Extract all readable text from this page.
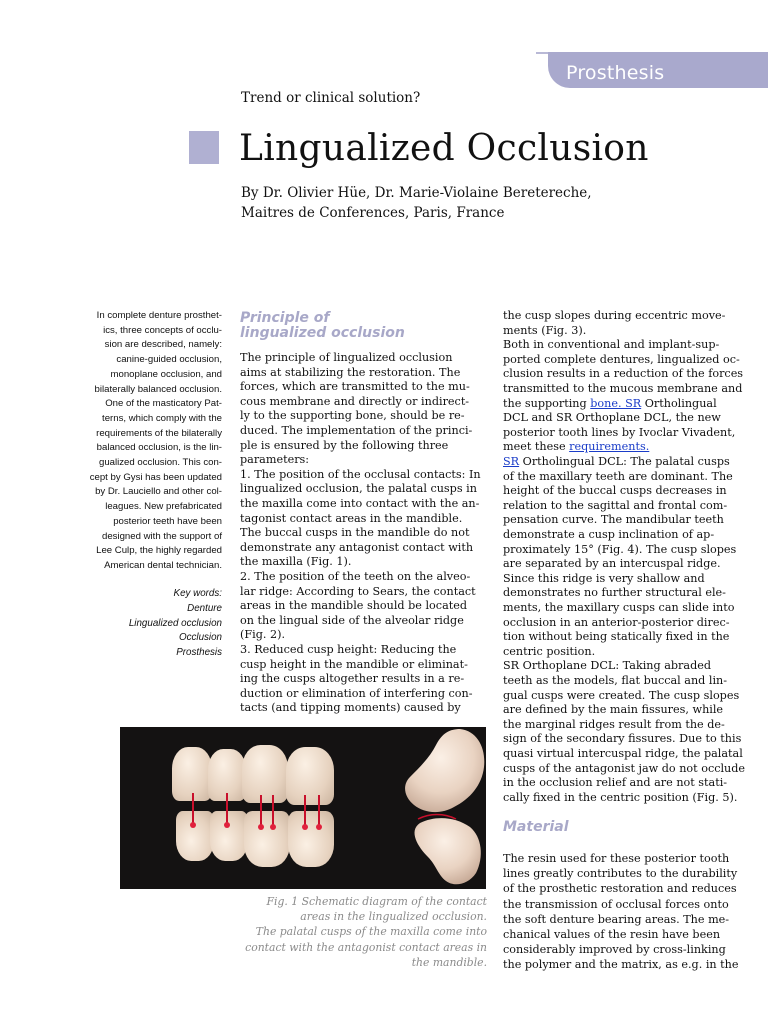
Prosthesis
Trend or clinical solution?
Lingualized Occlusion
By Dr. Olivier Hüe, Dr. Marie-Violaine Beretereche,
Maitres de Conferences, Paris, France
In complete denture prosthet-
ics, three concepts of occlu-
sion are described, namely:
canine-guided occlusion,
monoplane occlusion, and
bilaterally balanced occlusion.
One of the masticatory Pat-
terns, which comply with the
requirements of the bilaterally
balanced occlusion, is the lin-
gualized occlusion. This con-
cept by Gysi has been updated
by Dr. Lauciello and other col-
leagues. New prefabricated
posterior teeth have been
designed with the support of
Lee Culp, the highly regarded
American dental technician.
Key words:
Denture
Lingualized occlusion
Occlusion
Prosthesis
Principle of
lingualized occlusion
The principle of lingualized occlusion
aims at stabilizing the restoration. The
forces, which are transmitted to the mu-
cous membrane and directly or indirect-
ly to the supporting bone, should be re-
duced. The implementation of the princi-
ple is ensured by the following three
parameters:
1. The position of the occlusal contacts: In
lingualized occlusion, the palatal cusps in
the maxilla come into contact with the an-
tagonist contact areas in the mandible.
The buccal cusps in the mandible do not
demonstrate any antagonist contact with
the maxilla (Fig. 1).
2. The position of the teeth on the alveo-
lar ridge: According to Sears, the contact
areas in the mandible should be located
on the lingual side of the alveolar ridge
(Fig. 2).
3. Reduced cusp height: Reducing the
cusp height in the mandible or eliminat-
ing the cusps altogether results in a re-
duction or elimination of interfering con-
tacts (and tipping moments) caused by
Fig. 1 Schematic diagram of the contact
areas in the lingualized occlusion.
The palatal cusps of the maxilla come into
contact with the antagonist contact areas in
the mandible.
the cusp slopes during eccentric move-
ments (Fig. 3).
Both in conventional and implant-sup-
ported complete dentures, lingualized oc-
clusion results in a reduction of the forces
transmitted to the mucous membrane and
the supporting bone. SR Ortholingual
DCL and SR Orthoplane DCL, the new
posterior tooth lines by Ivoclar Vivadent,
meet these requirements.
SR Ortholingual DCL: The palatal cusps
of the maxillary teeth are dominant. The
height of the buccal cusps decreases in
relation to the sagittal and frontal com-
pensation curve. The mandibular teeth
demonstrate a cusp inclination of ap-
proximately 15° (Fig. 4). The cusp slopes
are separated by an intercuspal ridge.
Since this ridge is very shallow and
demonstrates no further structural ele-
ments, the maxillary cusps can slide into
occlusion in an anterior-posterior direc-
tion without being statically fixed in the
centric position.
SR Orthoplane DCL: Taking abraded
teeth as the models, flat buccal and lin-
gual cusps were created. The cusp slopes
are defined by the main fissures, while
the marginal ridges result from the de-
sign of the secondary fissures. Due to this
quasi virtual intercuspal ridge, the palatal
cusps of the antagonist jaw do not occlude
in the occlusion relief and are not stati-
cally fixed in the centric position (Fig. 5).
The resin used for these posterior tooth
lines greatly contributes to the durability
of the prosthetic restoration and reduces
the transmission of occlusal forces onto
the soft denture bearing areas. The me-
chanical values of the resin have been
considerably improved by cross-linking
the polymer and the matrix, as e.g. in the
Material
